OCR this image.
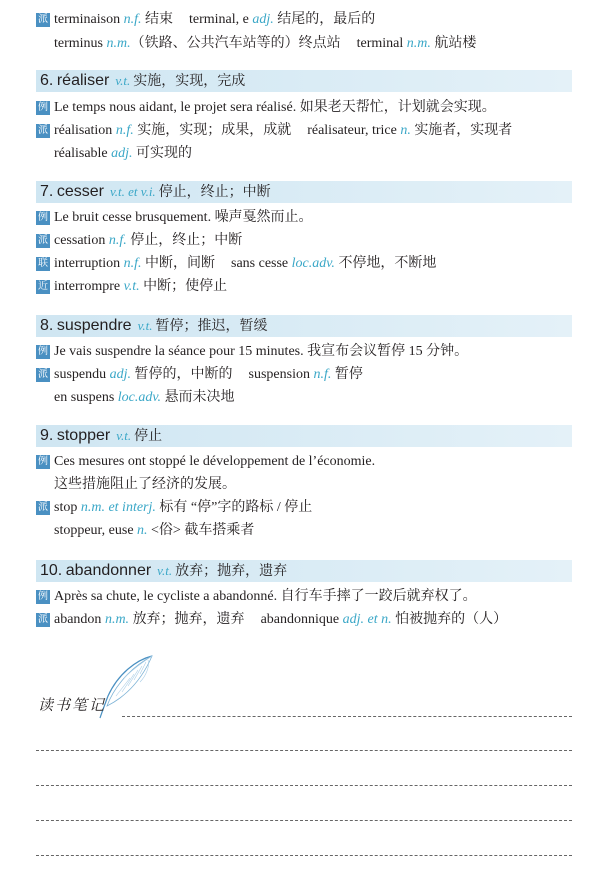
派 terminaison n.f. 结束 terminal, e adj. 结尾的，最后的
terminus n.m.（铁路、公共汽车站等的）终点站 terminal n.m. 航站楼
6. réaliser v.t. 实施，实现，完成
例 Le temps nous aidant, le projet sera réalisé. 如果老天帮忙，计划就会实现。
派 réalisation n.f. 实施，实现；成果，成就 réalisateur, trice n. 实施者，实现者
réalisable adj. 可实现的
7. cesser v.t. et v.i. 停止，终止；中断
例 Le bruit cesse brusquement. 噪声戛然而止。
派 cessation n.f. 停止，终止；中断
联 interruption n.f. 中断，间断 sans cesse loc.adv. 不停地，不断地
近 interrompre v.t. 中断；使停止
8. suspendre v.t. 暂停；推迟，暂缓
例 Je vais suspendre la séance pour 15 minutes. 我宣布会议暂停 15 分钟。
派 suspendu adj. 暂停的，中断的 suspension n.f. 暂停
en suspens loc.adv. 悬而未决地
9. stopper v.t. 停止
例 Ces mesures ont stoppé le développement de l’économie.
这些措施阻止了经济的发展。
派 stop n.m. et interj. 标有 “停”字的路标 / 停止
stoppeur, euse n. <俗> 截车搭乘者
10. abandonner v.t. 放弃；抛弃，遗弃
例 Après sa chute, le cycliste a abandonné. 自行车手摔了一跤后就弃权了。
派 abandon n.m. 放弃；抛弃，遗弃 abandonnique adj. et n. 怕被抛弃的（人）
读书笔记
